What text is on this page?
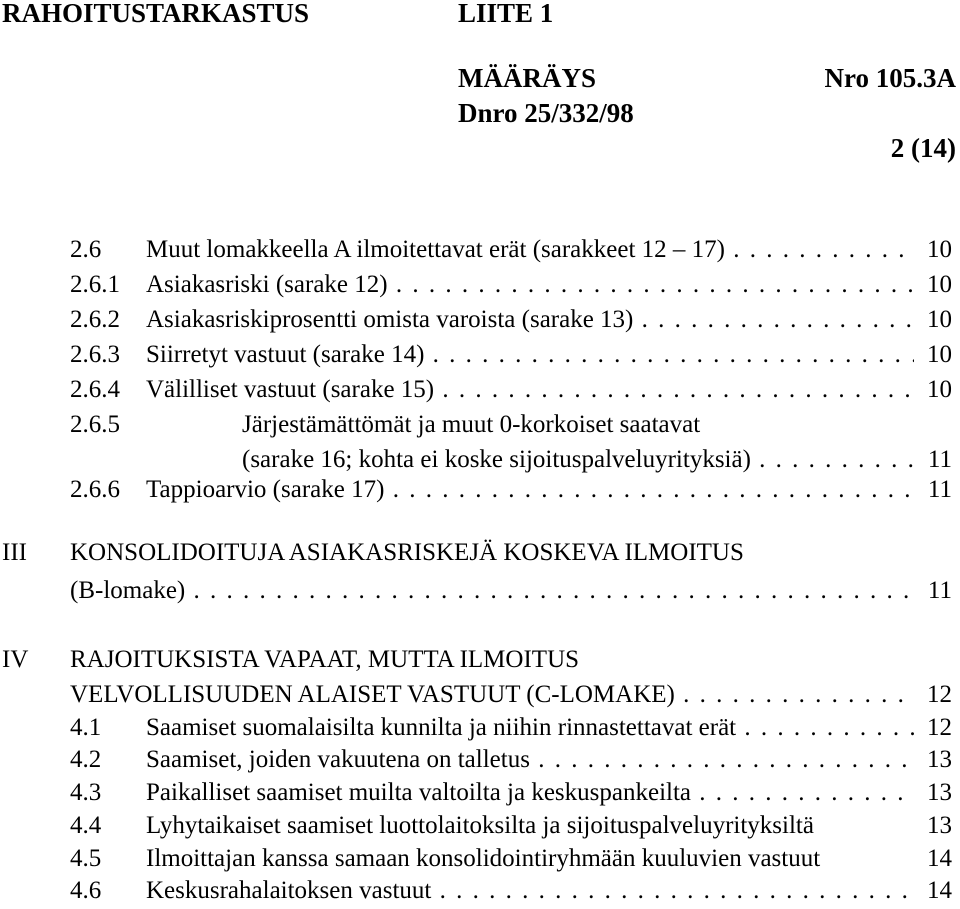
RAHOITUSTARKASTUS	LIITE 1
MÄÄRÄYS	Nro 105.3A
Dnro 25/332/98
2 (14)
2.6 Muut lomakkeella A ilmoitettavat erät (sarakkeet 12 – 17) . . .	10
2.6.1 Asiakasriski (sarake 12) . . .	10
2.6.2 Asiakasriskiprosentti omista varoista (sarake 13) . . .	10
2.6.3 Siirretyt vastuut (sarake 14) . . .	10
2.6.4 Välilliset vastuut (sarake 15) . . .	10
2.6.5	Järjestämättömät ja muut 0-korkoiset saatavat
(sarake 16; kohta ei koske sijoituspalveluyrityksiä) . . .	11
2.6.6 Tappioarvio (sarake 17) . . .	11
III KONSOLIDOITUJA ASIAKASRISKEJÄ KOSKEVA ILMOITUS
(B-lomake) . . .	11
IV RAJOITUKSISTA VAPAAT, MUTTA ILMOITUS
VELVOLLISUUDEN ALAISET VASTUUT (C-LOMAKE) . . .	12
4.1 Saamiset suomalaisilta kunnilta ja niihin rinnastettavat erät . . .	12
4.2 Saamiset, joiden vakuutena on talletus . . .	13
4.3 Paikalliset saamiset muilta valtoilta ja keskuspankeilta . . .	13
4.4 Lyhytaikaiset saamiset luottolaitoksilta ja sijoituspalveluyrityksiltä	13
4.5 Ilmoittajan kanssa samaan konsolidointiryhmään kuuluvien vastuut	14
4.6 Keskusrahalaitoksen vastuut . . .	14
